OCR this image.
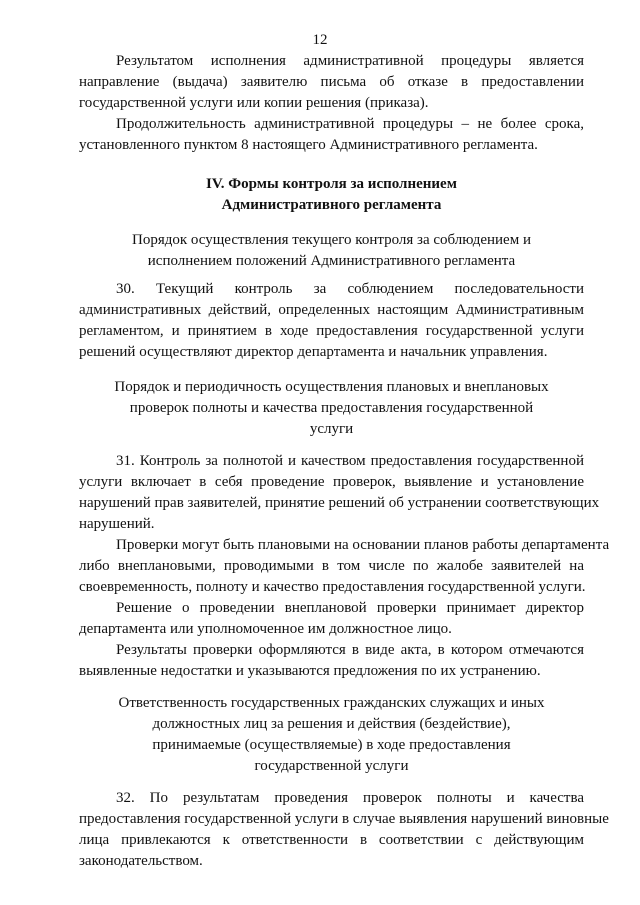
12
Результатом исполнения административной процедуры является
направление (выдача) заявителю письма об отказе в предоставлении
государственной услуги или копии решения (приказа).
Продолжительность административной процедуры – не более срока,
установленного пунктом 8 настоящего Административного регламента.
IV. Формы контроля за исполнением
Административного регламента
Порядок осуществления текущего контроля за соблюдением и
исполнением положений Административного регламента
30. Текущий контроль за соблюдением последовательности
административных действий, определенных настоящим Административным
регламентом, и принятием в ходе предоставления государственной услуги
решений осуществляют директор департамента и начальник управления.
Порядок и периодичность осуществления плановых и внеплановых
проверок полноты и качества предоставления государственной
услуги
31. Контроль за полнотой и качеством предоставления государственной
услуги включает в себя проведение проверок, выявление и установление
нарушений прав заявителей, принятие решений об устранении соответствующих
нарушений.
Проверки могут быть плановыми на основании планов работы департамента
либо внеплановыми, проводимыми в том числе по жалобе заявителей на
своевременность, полноту и качество предоставления государственной услуги.
Решение о проведении внеплановой проверки принимает директор
департамента или уполномоченное им должностное лицо.
Результаты проверки оформляются в виде акта, в котором отмечаются
выявленные недостатки и указываются предложения по их устранению.
Ответственность государственных гражданских служащих и иных
должностных лиц за решения и действия (бездействие),
принимаемые (осуществляемые) в ходе предоставления
государственной услуги
32. По результатам проведения проверок полноты и качества
предоставления государственной услуги в случае выявления нарушений виновные
лица привлекаются к ответственности в соответствии с действующим
законодательством.
